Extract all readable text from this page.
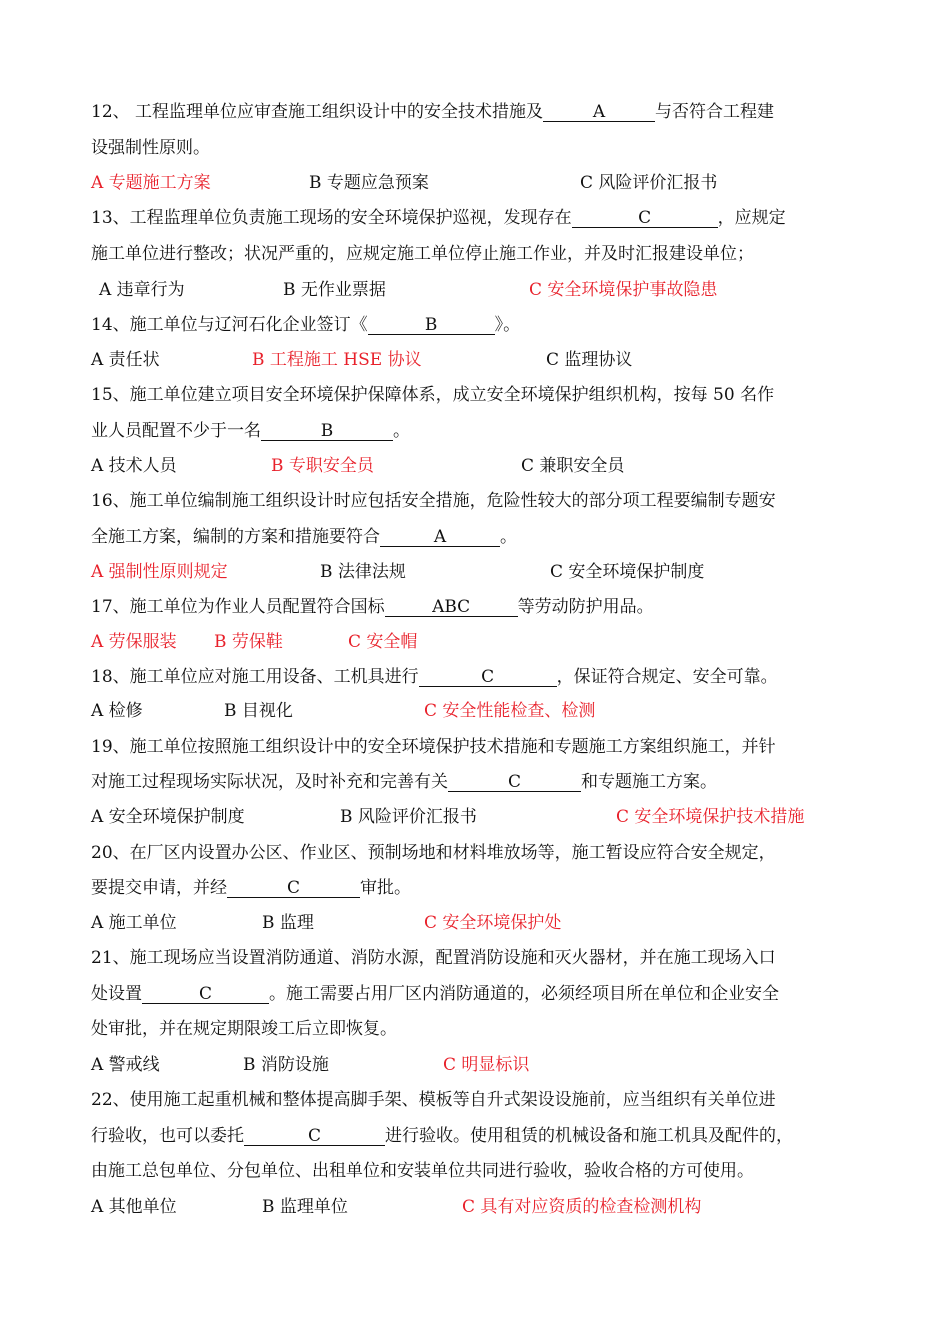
12、 工程监理单位应审查施工组织设计中的安全技术措施及	A	与否符合工程建
设强制性原则。
A 专题施工方案	B 专题应急预案	C 风险评价汇报书
13、工程监理单位负责施工现场的安全环境保护巡视，发现存在	C	，应规定
施工单位进行整改；状况严重的，应规定施工单位停止施工作业，并及时汇报建设单位；
A 违章行为	B 无作业票据	C 安全环境保护事故隐患
14、施工单位与辽河石化企业签订《	B	》。
A 责任状	B 工程施工 HSE 协议	C 监理协议
15、施工单位建立项目安全环境保护保障体系，成立安全环境保护组织机构，按每 50 名作
业人员配置不少于一名	B	。
A 技术人员	B 专职安全员	C 兼职安全员
16、施工单位编制施工组织设计时应包括安全措施，危险性较大的部分项工程要编制专题安
全施工方案，编制的方案和措施要符合	A	。
A 强制性原则规定	B 法律法规	C 安全环境保护制度
17、施工单位为作业人员配置符合国标	ABC	等劳动防护用品。
A 劳保服装 B 劳保鞋	C 安全帽
18、施工单位应对施工用设备、工机具进行	C	，保证符合规定、安全可靠。
A 检修	B 目视化	C 安全性能检查、检测
19、施工单位按照施工组织设计中的安全环境保护技术措施和专题施工方案组织施工，并针
对施工过程现场实际状况，及时补充和完善有关	C	和专题施工方案。
A 安全环境保护制度	B 风险评价汇报书	C 安全环境保护技术措施
20、在厂区内设置办公区、作业区、预制场地和材料堆放场等，施工暂设应符合安全规定，
要提交申请，并经	C	审批。
A 施工单位	B 监理	C 安全环境保护处
21、施工现场应当设置消防通道、消防水源，配置消防设施和灭火器材，并在施工现场入口
处设置	C	。施工需要占用厂区内消防通道的，必须经项目所在单位和企业安全
处审批，并在规定期限竣工后立即恢复。
A 警戒线	B 消防设施	C 明显标识
22、使用施工起重机械和整体提高脚手架、模板等自升式架设设施前，应当组织有关单位进
行验收，也可以委托	C	进行验收。使用租赁的机械设备和施工机具及配件的，
由施工总包单位、分包单位、出租单位和安装单位共同进行验收，验收合格的方可使用。
A 其他单位	B 监理单位	C 具有对应资质的检查检测机构
